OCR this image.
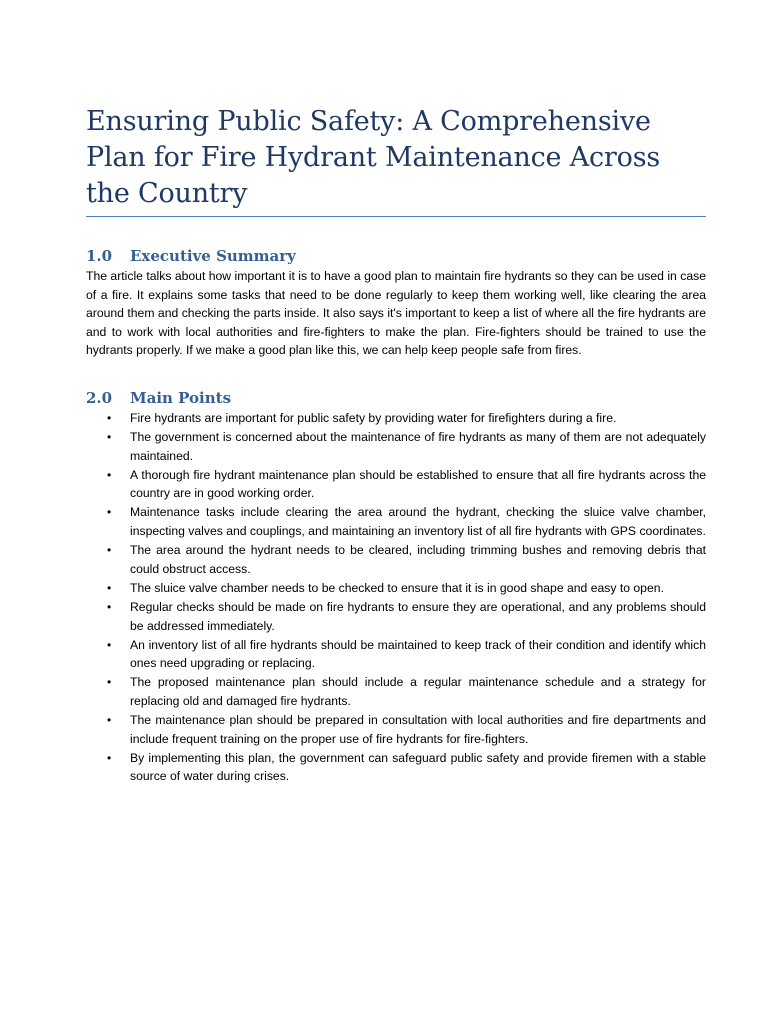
Ensuring Public Safety: A Comprehensive Plan for Fire Hydrant Maintenance Across the Country
1.0 Executive Summary

The article talks about how important it is to have a good plan to maintain fire hydrants so they can be used in case of a fire. It explains some tasks that need to be done regularly to keep them working well, like clearing the area around them and checking the parts inside. It also says it's important to keep a list of where all the fire hydrants are and to work with local authorities and fire-fighters to make the plan. Fire-fighters should be trained to use the hydrants properly. If we make a good plan like this, we can help keep people safe from fires.

2.0 Main Points
• Fire hydrants are important for public safety by providing water for firefighters during a fire.
• The government is concerned about the maintenance of fire hydrants as many of them are not adequately maintained.
• A thorough fire hydrant maintenance plan should be established to ensure that all fire hydrants across the country are in good working order.
• Maintenance tasks include clearing the area around the hydrant, checking the sluice valve chamber, inspecting valves and couplings, and maintaining an inventory list of all fire hydrants with GPS coordinates.
• The area around the hydrant needs to be cleared, including trimming bushes and removing debris that could obstruct access.
• The sluice valve chamber needs to be checked to ensure that it is in good shape and easy to open.
• Regular checks should be made on fire hydrants to ensure they are operational, and any problems should be addressed immediately.
• An inventory list of all fire hydrants should be maintained to keep track of their condition and identify which ones need upgrading or replacing.
• The proposed maintenance plan should include a regular maintenance schedule and a strategy for replacing old and damaged fire hydrants.
• The maintenance plan should be prepared in consultation with local authorities and fire departments and include frequent training on the proper use of fire hydrants for fire-fighters.
• By implementing this plan, the government can safeguard public safety and provide firemen with a stable source of water during crises.
